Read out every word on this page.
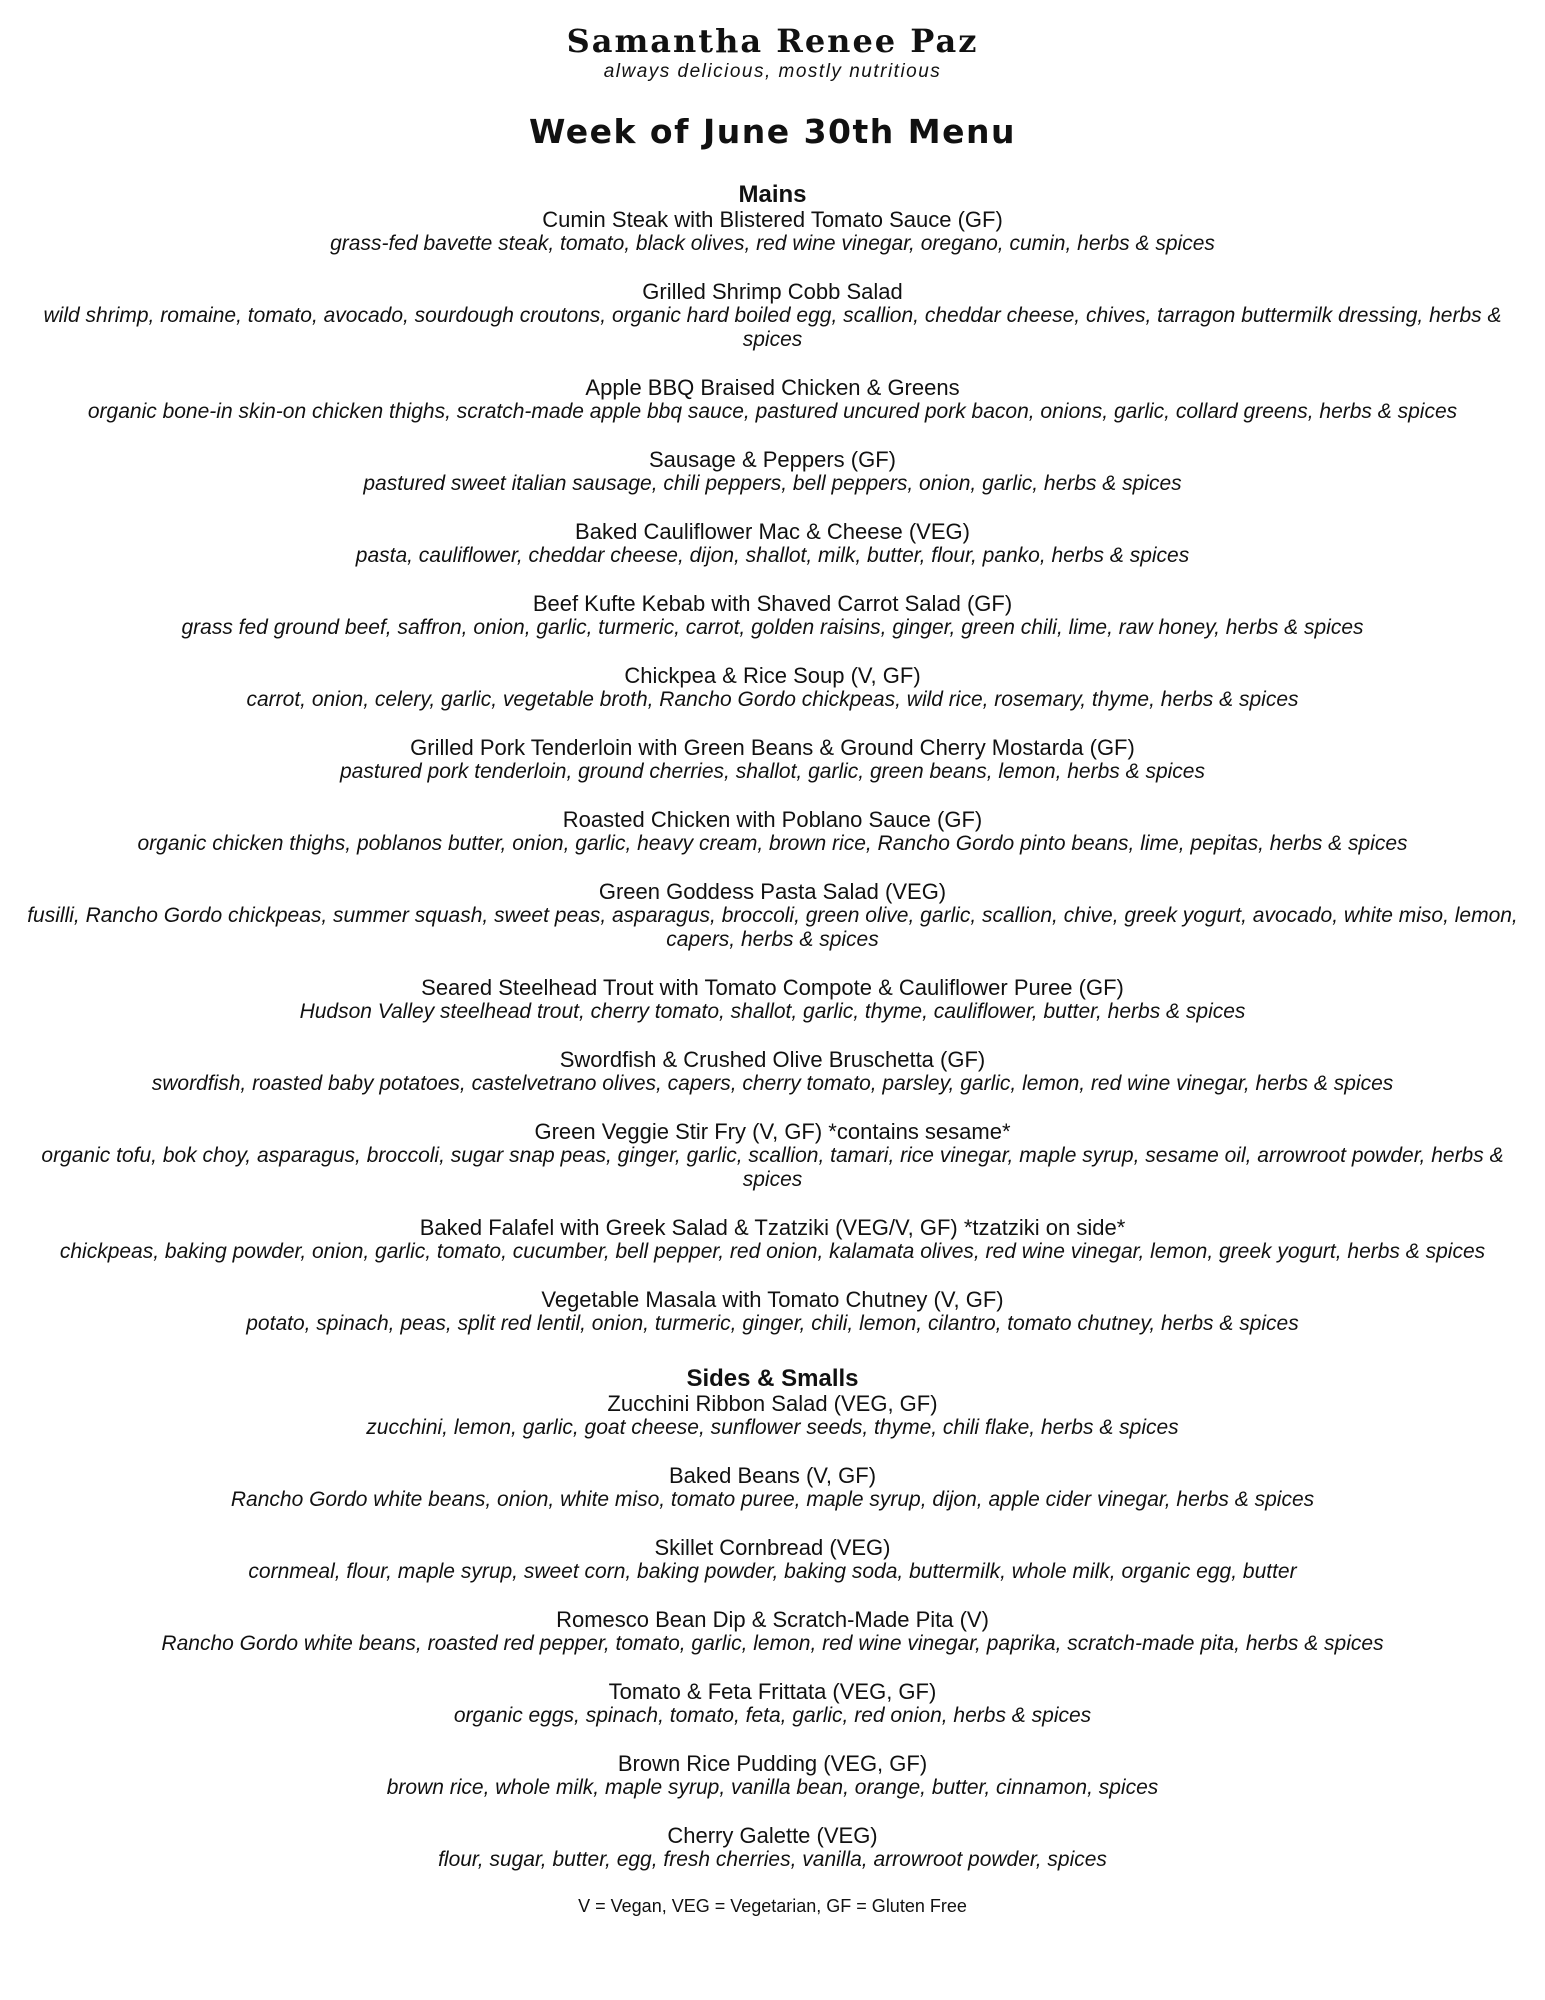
Samantha Renee Paz

always delicious, mostly nutritious

Week of June 30th Menu

Mains

Cumin Steak with Blistered Tomato Sauce (GF)

grass-fed bavette steak, tomato, black olives, red wine vinegar, oregano, cumin, herbs & spices

Grilled Shrimp Cobb Salad

wild shrimp, romaine, tomato, avocado, sourdough croutons, organic hard boiled egg, scallion, cheddar cheese, chives, tarragon buttermilk dressing, herbs & spices

Apple BBQ Braised Chicken & Greens

organic bone-in skin-on chicken thighs, scratch-made apple bbq sauce, pastured uncured pork bacon, onions, garlic, collard greens, herbs & spices

Sausage & Peppers (GF)

pastured sweet italian sausage, chili peppers, bell peppers, onion, garlic, herbs & spices

Baked Cauliflower Mac & Cheese (VEG)

pasta, cauliflower, cheddar cheese, dijon, shallot, milk, butter, flour, panko, herbs & spices

Beef Kufte Kebab with Shaved Carrot Salad (GF)

grass fed ground beef, saffron, onion, garlic, turmeric, carrot, golden raisins, ginger, green chili, lime, raw honey, herbs & spices

Chickpea & Rice Soup (V, GF)

carrot, onion, celery, garlic, vegetable broth, Rancho Gordo chickpeas, wild rice, rosemary, thyme, herbs & spices

Grilled Pork Tenderloin with Green Beans & Ground Cherry Mostarda (GF)

pastured pork tenderloin, ground cherries, shallot, garlic, green beans, lemon, herbs & spices

Roasted Chicken with Poblano Sauce (GF)

organic chicken thighs, poblanos butter, onion, garlic, heavy cream, brown rice, Rancho Gordo pinto beans, lime, pepitas, herbs & spices

Green Goddess Pasta Salad (VEG)

fusilli, Rancho Gordo chickpeas, summer squash, sweet peas, asparagus, broccoli, green olive, garlic, scallion, chive, greek yogurt, avocado, white miso, lemon, capers, herbs & spices

Seared Steelhead Trout with Tomato Compote & Cauliflower Puree (GF)

Hudson Valley steelhead trout, cherry tomato, shallot, garlic, thyme, cauliflower, butter, herbs & spices

Swordfish & Crushed Olive Bruschetta (GF)

swordfish, roasted baby potatoes, castelvetrano olives, capers, cherry tomato, parsley, garlic, lemon, red wine vinegar, herbs & spices

Green Veggie Stir Fry (V, GF) *contains sesame*

organic tofu, bok choy, asparagus, broccoli, sugar snap peas, ginger, garlic, scallion, tamari, rice vinegar, maple syrup, sesame oil, arrowroot powder, herbs & spices

Baked Falafel with Greek Salad & Tzatziki (VEG/V, GF) *tzatziki on side*

chickpeas, baking powder, onion, garlic, tomato, cucumber, bell pepper, red onion, kalamata olives, red wine vinegar, lemon, greek yogurt, herbs & spices

Vegetable Masala with Tomato Chutney (V, GF)

potato, spinach, peas, split red lentil, onion, turmeric, ginger, chili, lemon, cilantro, tomato chutney, herbs & spices

Sides & Smalls

Zucchini Ribbon Salad (VEG, GF)

zucchini, lemon, garlic, goat cheese, sunflower seeds, thyme, chili flake, herbs & spices

Baked Beans (V, GF)

Rancho Gordo white beans, onion, white miso, tomato puree, maple syrup, dijon, apple cider vinegar, herbs & spices

Skillet Cornbread (VEG)

cornmeal, flour, maple syrup, sweet corn, baking powder, baking soda, buttermilk, whole milk, organic egg, butter

Romesco Bean Dip & Scratch-Made Pita (V)

Rancho Gordo white beans, roasted red pepper, tomato, garlic, lemon, red wine vinegar, paprika, scratch-made pita, herbs & spices

Tomato & Feta Frittata (VEG, GF)

organic eggs, spinach, tomato, feta, garlic, red onion, herbs & spices

Brown Rice Pudding (VEG, GF)

brown rice, whole milk, maple syrup, vanilla bean, orange, butter, cinnamon, spices

Cherry Galette (VEG)

flour, sugar, butter, egg, fresh cherries, vanilla, arrowroot powder, spices

V = Vegan, VEG = Vegetarian, GF = Gluten Free
